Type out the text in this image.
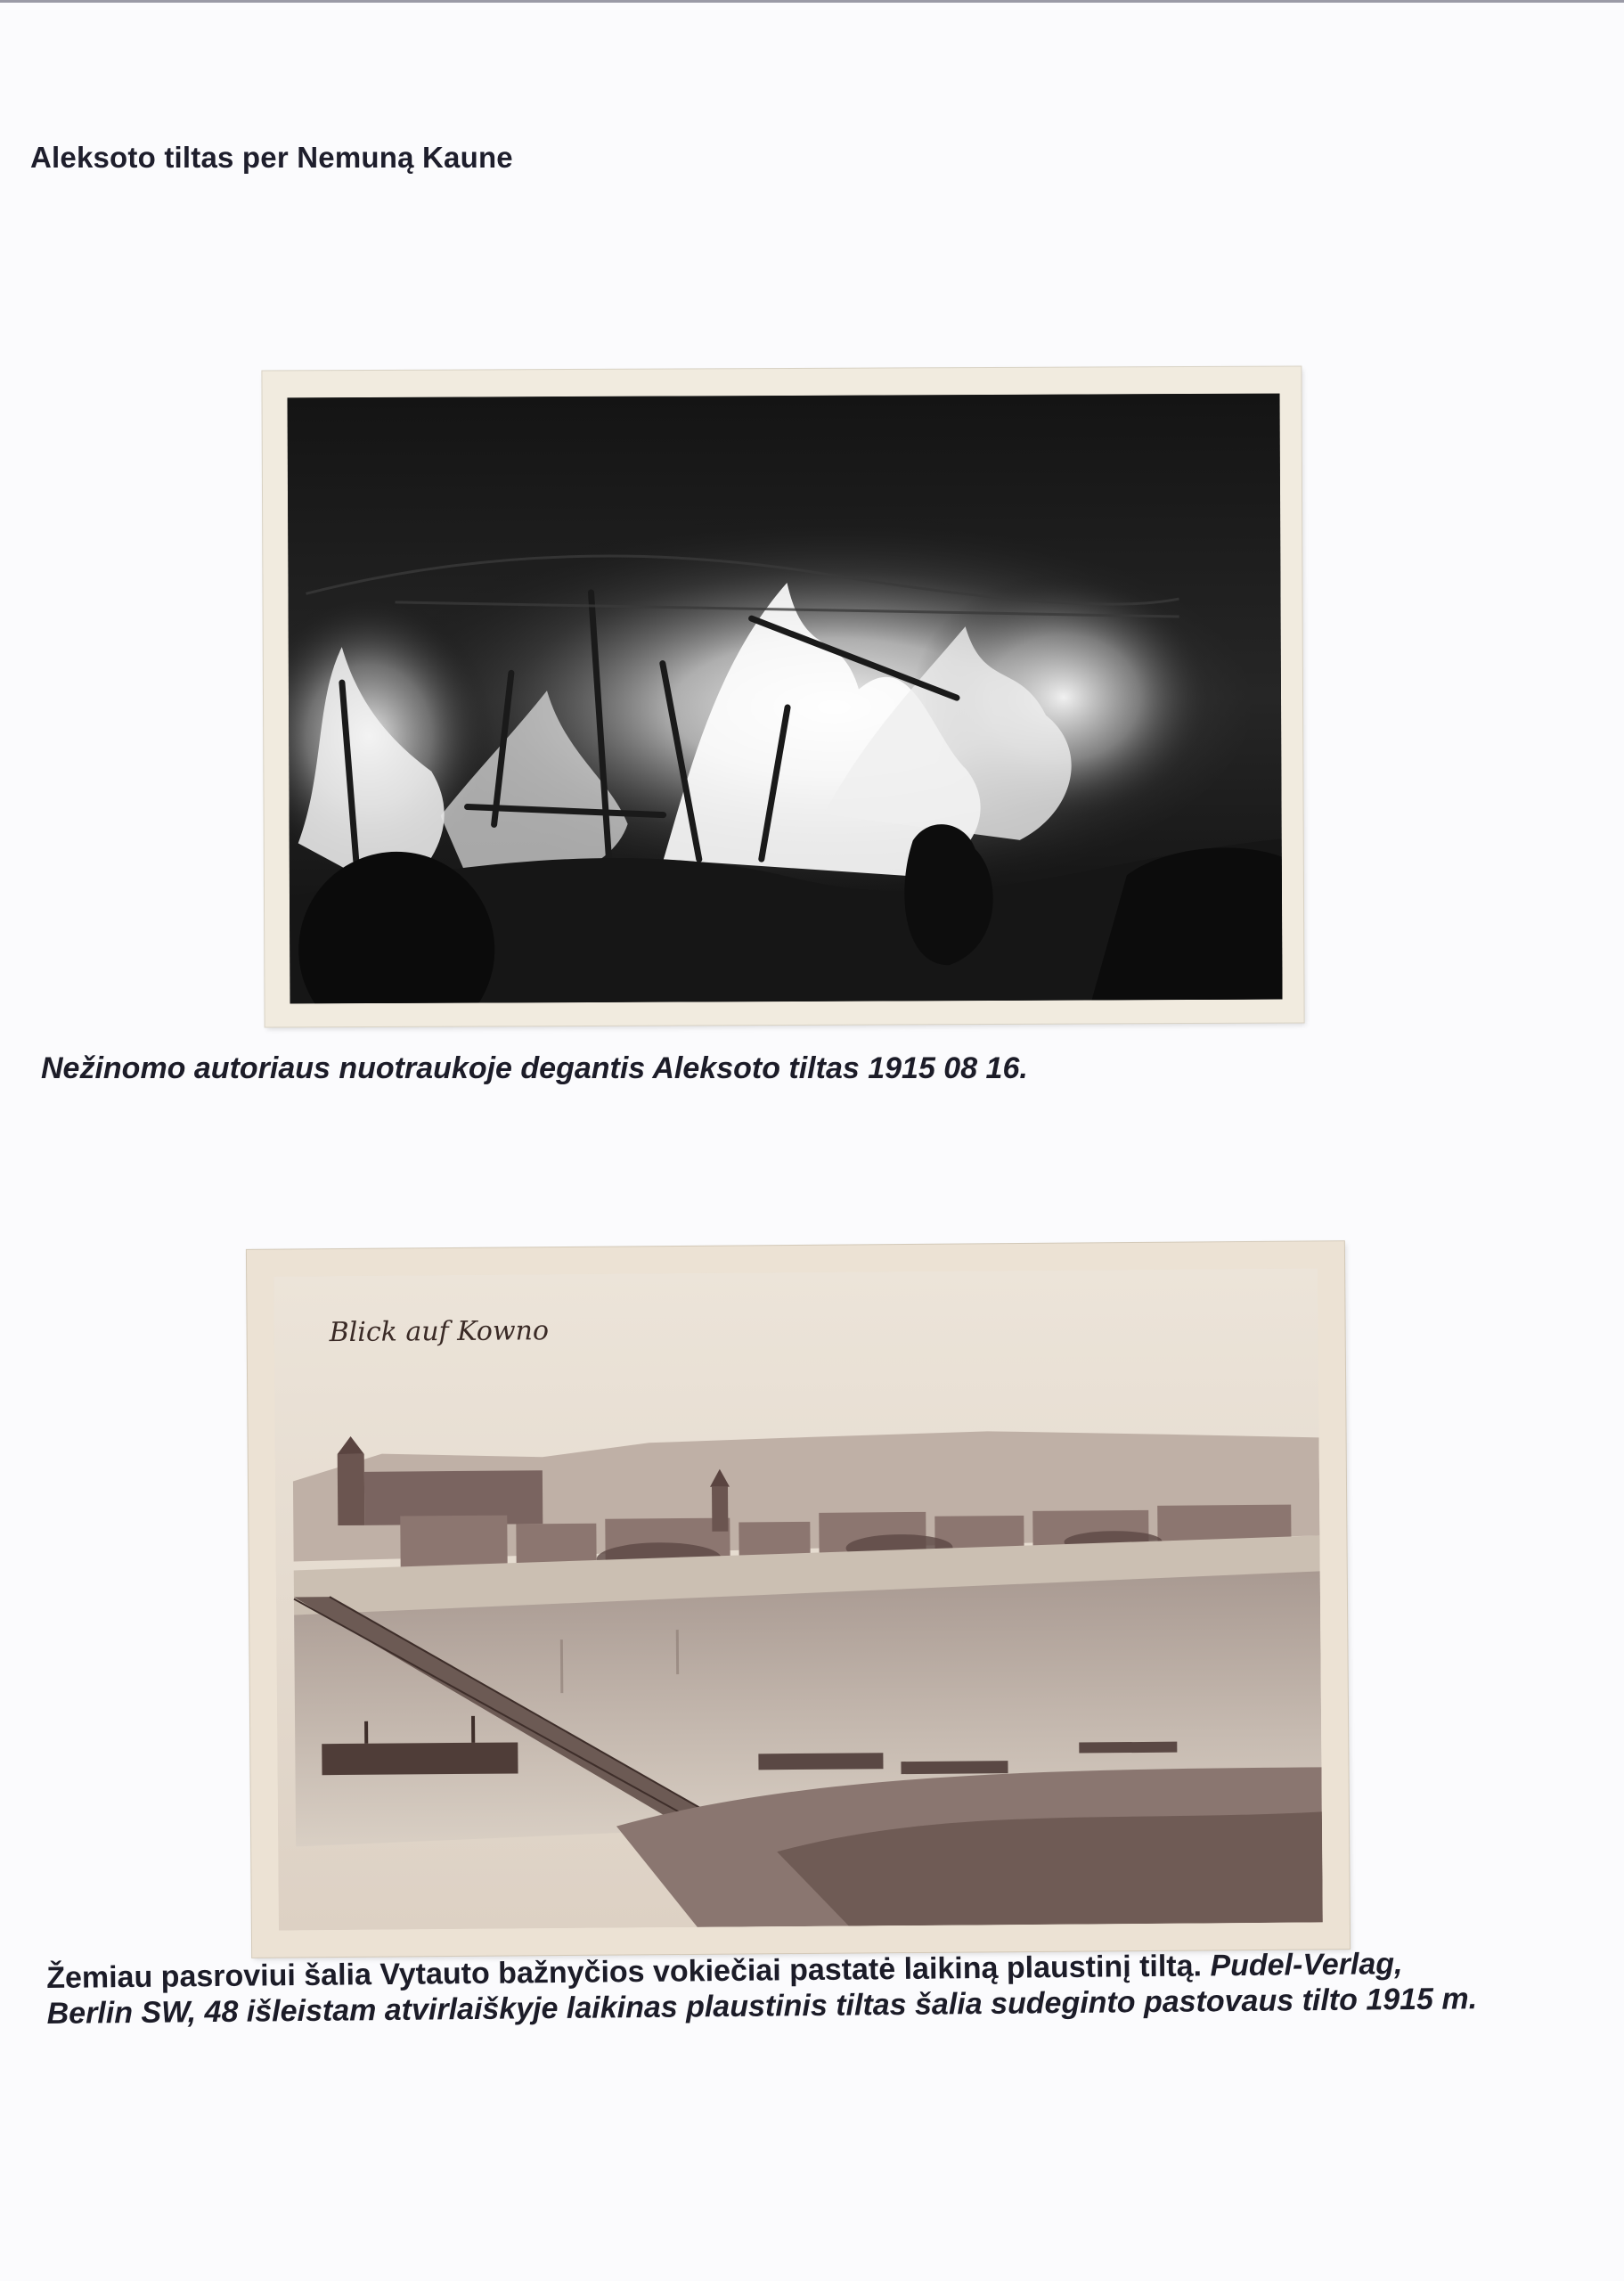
Aleksoto tiltas per Nemuną Kaune
Nežinomo autoriaus nuotraukoje degantis Aleksoto tiltas 1915 08 16.
Blick auf Kowno
Žemiau pasroviui šalia Vytauto bažnyčios vokiečiai pastatė laikiną plaustinį tiltą. Pudel-Verlag, Berlin SW, 48 išleistam atvirlaiškyje laikinas plaustinis tiltas šalia sudeginto pastovaus tilto 1915 m.
